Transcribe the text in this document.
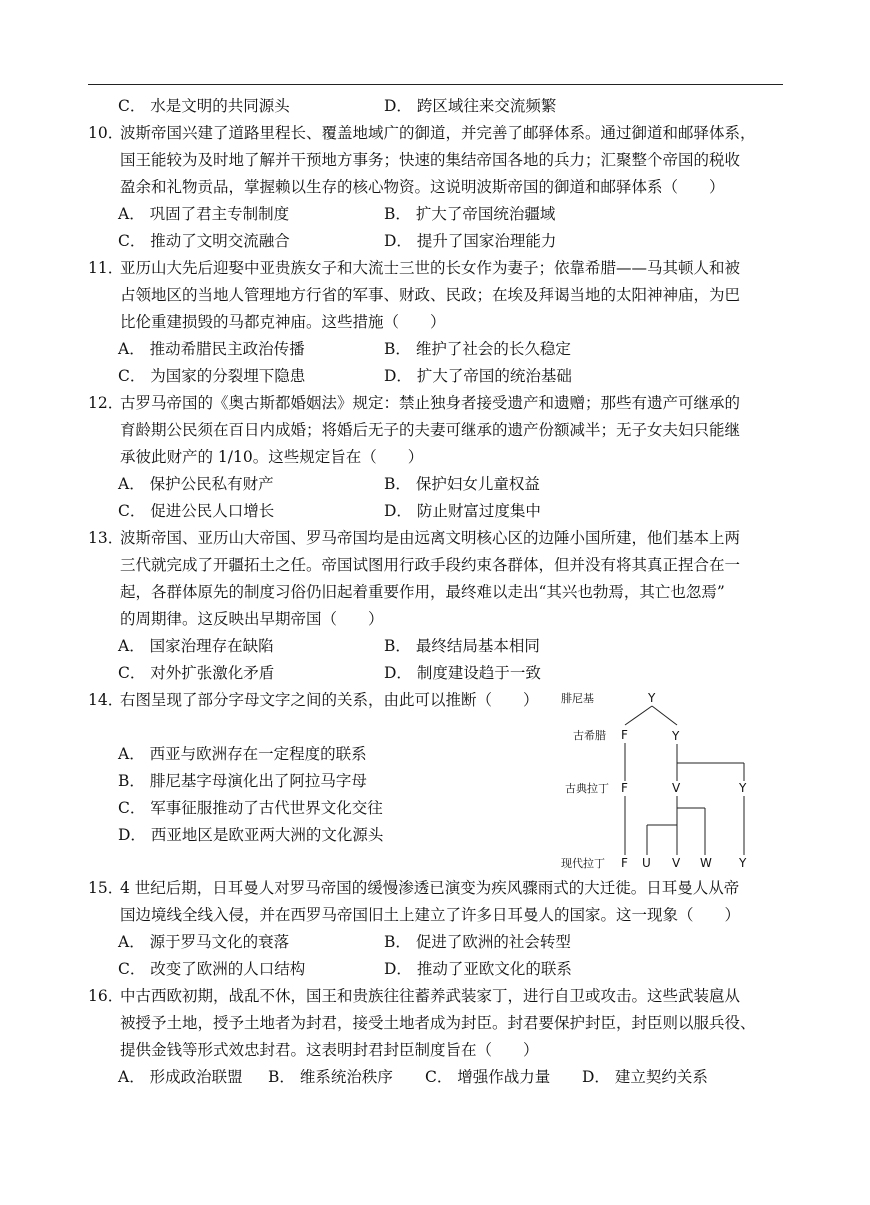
C． 水是文明的共同源头	D． 跨区域往来交流频繁
10．
波斯帝国兴建了道路里程长、覆盖地域广的御道，并完善了邮驿体系。通过御道和邮驿体系，
国王能较为及时地了解并干预地方事务；快速的集结帝国各地的兵力；汇聚整个帝国的税收
盈余和礼物贡品，掌握赖以生存的核心物资。这说明波斯帝国的御道和邮驿体系（　　）
A． 巩固了君主专制制度	B． 扩大了帝国统治疆域
C． 推动了文明交流融合	D． 提升了国家治理能力
11．
亚历山大先后迎娶中亚贵族女子和大流士三世的长女作为妻子；依靠希腊——马其顿人和被
占领地区的当地人管理地方行省的军事、财政、民政；在埃及拜谒当地的太阳神神庙，为巴
比伦重建损毁的马都克神庙。这些措施（　　）
A． 推动希腊民主政治传播	B． 维护了社会的长久稳定
C． 为国家的分裂埋下隐患	D． 扩大了帝国的统治基础
12．
古罗马帝国的《奥古斯都婚姻法》规定：禁止独身者接受遗产和遗赠；那些有遗产可继承的
育龄期公民须在百日内成婚；将婚后无子的夫妻可继承的遗产份额减半；无子女夫妇只能继
承彼此财产的 1/10。这些规定旨在（　　）
A． 保护公民私有财产	B． 保护妇女儿童权益
C． 促进公民人口增长	D． 防止财富过度集中
13．
波斯帝国、亚历山大帝国、罗马帝国均是由远离文明核心区的边陲小国所建，他们基本上两
三代就完成了开疆拓土之任。帝国试图用行政手段约束各群体，但并没有将其真正捏合在一
起，各群体原先的制度习俗仍旧起着重要作用，最终难以走出“其兴也勃焉，其亡也忽焉”
的周期律。这反映出早期帝国（　　）
A． 国家治理存在缺陷	B． 最终结局基本相同
C． 对外扩张激化矛盾	D． 制度建设趋于一致
14．
右图呈现了部分字母文字之间的关系，由此可以推断（　　）
A． 西亚与欧洲存在一定程度的联系
B． 腓尼基字母演化出了阿拉马字母
C． 军事征服推动了古代世界文化交往
D． 西亚地区是欧亚两大洲的文化源头
腓尼基
古希腊
古典拉丁
现代拉丁
Y
F	Y
F	V	Y
F U V W Y
15．
4 世纪后期，日耳曼人对罗马帝国的缓慢渗透已演变为疾风骤雨式的大迁徙。日耳曼人从帝
国边境线全线入侵，并在西罗马帝国旧土上建立了许多日耳曼人的国家。这一现象（　　）
A． 源于罗马文化的衰落	B． 促进了欧洲的社会转型
C． 改变了欧洲的人口结构	D． 推动了亚欧文化的联系
16．
中古西欧初期，战乱不休，国王和贵族往往蓄养武装家丁，进行自卫或攻击。这些武装扈从
被授予土地，授予土地者为封君，接受土地者成为封臣。封君要保护封臣，封臣则以服兵役、
提供金钱等形式效忠封君。这表明封君封臣制度旨在（　　）
A． 形成政治联盟 B． 维系统治秩序 C． 增强作战力量 D． 建立契约关系
